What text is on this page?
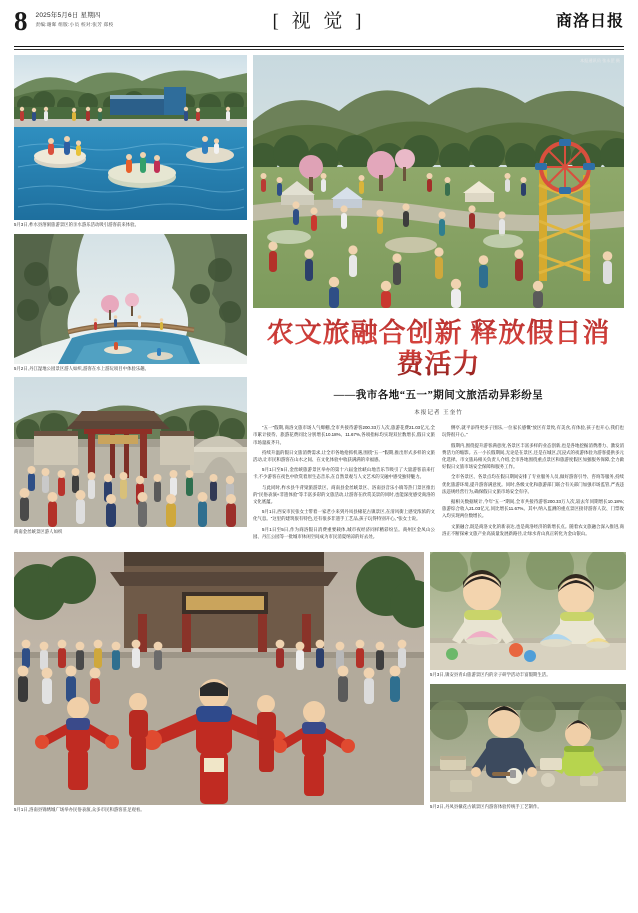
8 2025年5月6日 星期四
责编:谢晖 组版:小员 校对:张芳 郑校	[ 视 觉 ]	商洛日报
5月3日,柞水县溶洞旅游景区的亲水游乐活动吸引游客前来体验。
5月2日,丹江湿地公园景区游人如织,游客在水上游玩项目中体验乐趣。
商南金丝峡景区游人如织
本报通讯员 张永罡 摄
农文旅融合创新 释放假日消费活力
——我市各地“五一”期间文旅活动异彩纷呈
本报记者 王奎竹

“五一”假期,商洛文旅市场人气爆棚,全市共接待游客200.33万人次,旅游花费21.03亿元,全市累计接待、旅游花费同比分别增长10.18%、11.67%,各项指标均实现双位数增长,假日文旅市场量质齐升。

持续升温的假日文旅消费需求,让全市各地抢抓机遇,围绕“五一”假期,推出形式多样的文旅活动,让市民和游客在山水之间、在文化体验中收获满满的幸福感。

5月1日至5日,金丝峡旅游景区举办的第十六届金丝峡山地音乐节吸引了大量游客前来打卡,不少游客在夜色中欣赏着原生态音乐,在自然景观与人文艺术的交融中感受独特魅力。

与此同时,柞水县牛背梁旅游景区、商南县金丝峡景区、洛南县音乐小镇等热门景区推出的“民俗表演+非遗体验”等丰富多彩的文旅活动,让游客在欣赏美景的同时,也能深度感受商洛的文化底蕴。

5月1日,西安市民张女士带着一家老小来到丹凤县棣花古镇景区,在清风街上感受浓浓的文化气息。“这里的建筑很有特色,还有很多非遗手工艺品,孩子玩得特别开心。”张女士说。

5月1日至5日,作为商洛假日消费重要载体,城市夜经济同样精彩纷呈。商州区金凤山公园、丹江公园等一批城市休闲空间成为市民消夏纳凉的好去处。

侧亭,就平添得更多子围乐,一位家长感慨“放区有景致,有美食,有体验,孩子也开心,我们也玩得很开心。”

假期内,围绕提升游客满意度,各景区丰富多样的业态创新,也是各地挖掘消费潜力、激发消费活力的缩影。五一小长假期间,无论是在景区,还是在城区,沉浸式的夜游体验为游客提供多元化选择。市文旅局相关负责人介绍,全市各地围绕重点景区和旅游度假区加强服务保障,全力做好假日文旅市场安全保障和服务工作。

全市各景区、各景点均在假日期间安排了专业服务人员,做好游客引导、咨询等服务,持续优化旅游环境,提升游客满意度。同时,各级文化和旅游部门联合有关部门加强市场监管,严查违法违规经营行为,确保假日文旅市场安全有序。

据相关数据统计,今年“五一”期间,全市共接待游客200.33万人次,较去年同期增长10.18%;旅游综合收入21.03亿元,同比增长11.67%。其中,纳入监测的重点景区接待游客人次、门票收入均实现两位数增长。

文旅融合,既是商洛文化的新表达,也是商洛经济的新增长点。随着农文旅融合深入推进,商洛正不断探索文旅产业高质量发展新路径,让绿水青山真正转化为金山银山。

5月1日,洛南县锦绣城广场举办民俗表演,众多市民和游客驻足观看。
5月3日,镇安县青山旅游景区内的亲子研学活动丰富假期生活。
5月2日,丹凤县棣花古镇景区内游客体验传统手工艺制作。
